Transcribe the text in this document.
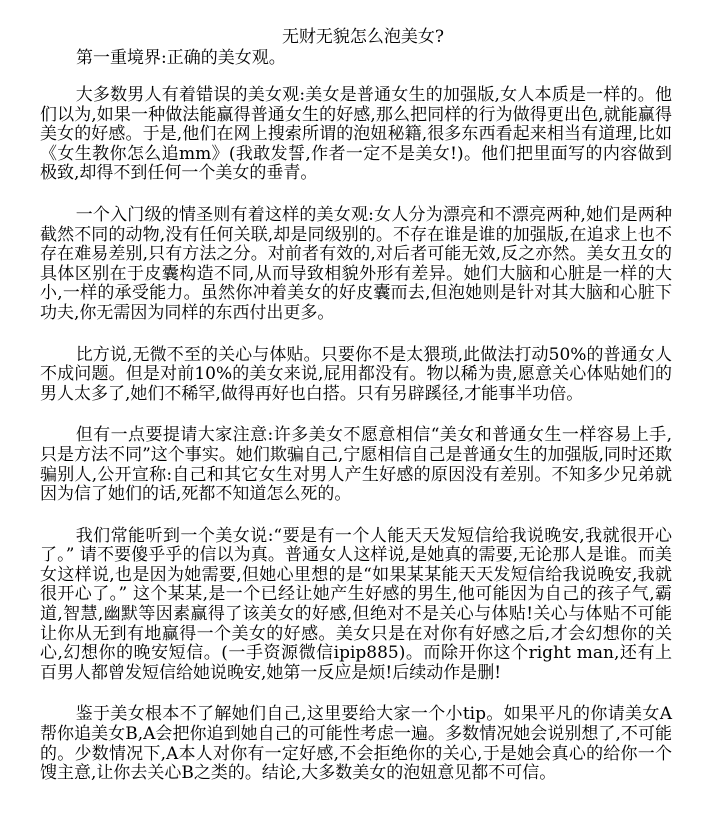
无财无貌怎么泡美女?
第一重境界:正确的美女观。

大多数男人有着错误的美女观:美女是普通女生的加强版,女人本质是一样的。他们以为,如果一种做法能赢得普通女生的好感,那么把同样的行为做得更出色,就能赢得美女的好感。于是,他们在网上搜索所谓的泡妞秘籍,很多东西看起来相当有道理,比如《女生教你怎么追mm》(我敢发誓,作者一定不是美女!)。他们把里面写的内容做到极致,却得不到任何一个美女的垂青。

一个入门级的情圣则有着这样的美女观:女人分为漂亮和不漂亮两种,她们是两种截然不同的动物,没有任何关联,却是同级别的。不存在谁是谁的加强版,在追求上也不存在难易差别,只有方法之分。对前者有效的,对后者可能无效,反之亦然。美女丑女的具体区别在于皮囊构造不同,从而导致相貌外形有差异。她们大脑和心脏是一样的大小,一样的承受能力。虽然你冲着美女的好皮囊而去,但泡她则是针对其大脑和心脏下功夫,你无需因为同样的东西付出更多。

比方说,无微不至的关心与体贴。只要你不是太猥琐,此做法打动50%的普通女人不成问题。但是对前10%的美女来说,屁用都没有。物以稀为贵,愿意关心体贴她们的男人太多了,她们不稀罕,做得再好也白搭。只有另辟蹊径,才能事半功倍。

但有一点要提请大家注意:许多美女不愿意相信“美女和普通女生一样容易上手,只是方法不同”这个事实。她们欺骗自己,宁愿相信自己是普通女生的加强版,同时还欺骗别人,公开宣称:自己和其它女生对男人产生好感的原因没有差别。不知多少兄弟就因为信了她们的话,死都不知道怎么死的。

我们常能听到一个美女说:“要是有一个人能天天发短信给我说晚安,我就很开心了。” 请不要傻乎乎的信以为真。普通女人这样说,是她真的需要,无论那人是谁。而美女这样说,也是因为她需要,但她心里想的是“如果某某能天天发短信给我说晚安,我就很开心了。” 这个某某,是一个已经让她产生好感的男生,他可能因为自己的孩子气,霸道,智慧,幽默等因素赢得了该美女的好感,但绝对不是关心与体贴!关心与体贴不可能让你从无到有地赢得一个美女的好感。美女只是在对你有好感之后,才会幻想你的关心,幻想你的晚安短信。(一手资源微信ipip885)。而除开你这个right man,还有上百男人都曾发短信给她说晚安,她第一反应是烦!后续动作是删!

鉴于美女根本不了解她们自己,这里要给大家一个小tip。如果平凡的你请美女A帮你追美女B,A会把你追到她自己的可能性考虑一遍。多数情况她会说别想了,不可能的。少数情况下,A本人对你有一定好感,不会拒绝你的关心,于是她会真心的给你一个馊主意,让你去关心B之类的。结论,大多数美女的泡妞意见都不可信。
